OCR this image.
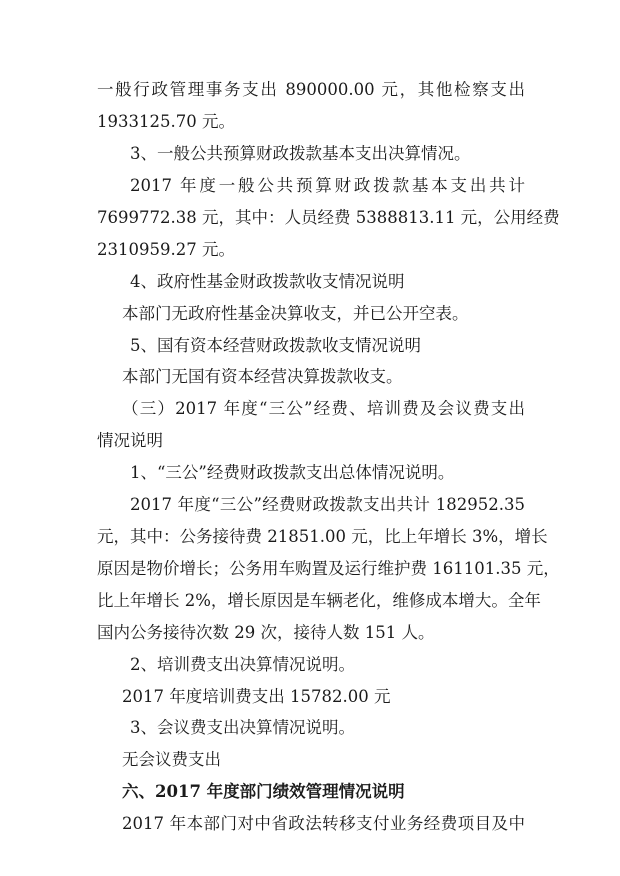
一般行政管理事务支出 890000.00 元，其他检察支出
1933125.70 元。
3、一般公共预算财政拨款基本支出决算情况。
2017 年度一般公共预算财政拨款基本支出共计
7699772.38 元，其中：人员经费 5388813.11 元，公用经费
2310959.27 元。
4、政府性基金财政拨款收支情况说明
本部门无政府性基金决算收支，并已公开空表。
5、国有资本经营财政拨款收支情况说明
本部门无国有资本经营决算拨款收支。
（三）2017 年度“三公”经费、培训费及会议费支出
情况说明
1、“三公”经费财政拨款支出总体情况说明。
2017 年度“三公”经费财政拨款支出共计 182952.35
元，其中：公务接待费 21851.00 元，比上年增长 3%，增长
原因是物价增长；公务用车购置及运行维护费 161101.35 元，
比上年增长 2%，增长原因是车辆老化，维修成本增大。全年
国内公务接待次数 29 次，接待人数 151 人。
2、培训费支出决算情况说明。
2017 年度培训费支出 15782.00 元
3、会议费支出决算情况说明。
无会议费支出
六、2017 年度部门绩效管理情况说明
2017 年本部门对中省政法转移支付业务经费项目及中
